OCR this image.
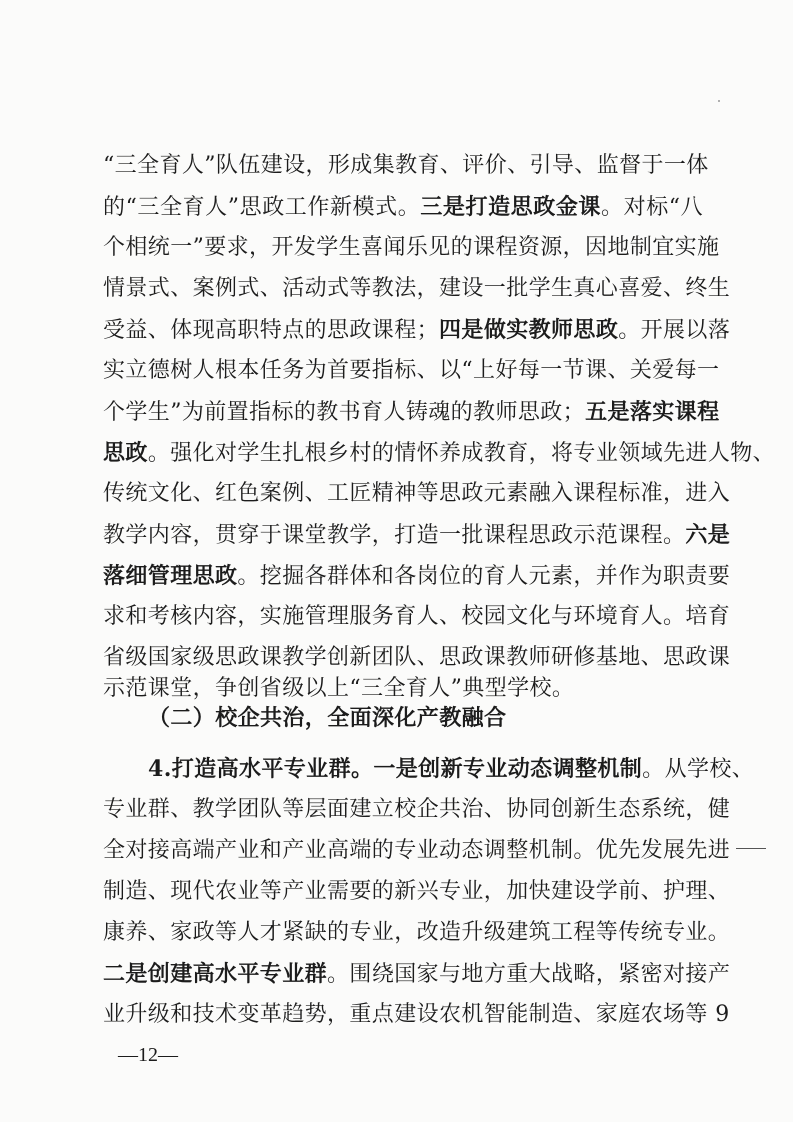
“三全育人”队伍建设，形成集教育、评价、引导、监督于一体
的“三全育人”思政工作新模式。三是打造思政金课。对标“八
个相统一”要求，开发学生喜闻乐见的课程资源，因地制宜实施
情景式、案例式、活动式等教法，建设一批学生真心喜爱、终生
受益、体现高职特点的思政课程；四是做实教师思政。开展以落
实立德树人根本任务为首要指标、以“上好每一节课、关爱每一
个学生”为前置指标的教书育人铸魂的教师思政；五是落实课程
思政。强化对学生扎根乡村的情怀养成教育，将专业领域先进人物、
传统文化、红色案例、工匠精神等思政元素融入课程标准，进入
教学内容，贯穿于课堂教学，打造一批课程思政示范课程。六是
落细管理思政。挖掘各群体和各岗位的育人元素，并作为职责要
求和考核内容，实施管理服务育人、校园文化与环境育人。培育
省级国家级思政课教学创新团队、思政课教师研修基地、思政课
示范课堂，争创省级以上“三全育人”典型学校。
（二）校企共治，全面深化产教融合
4.打造高水平专业群。一是创新专业动态调整机制。从学校、
专业群、教学团队等层面建立校企共治、协同创新生态系统，健
全对接高端产业和产业高端的专业动态调整机制。优先发展先进
制造、现代农业等产业需要的新兴专业，加快建设学前、护理、
康养、家政等人才紧缺的专业，改造升级建筑工程等传统专业。
二是创建高水平专业群。围绕国家与地方重大战略，紧密对接产
业升级和技术变革趋势，重点建设农机智能制造、家庭农场等 9
—12—
